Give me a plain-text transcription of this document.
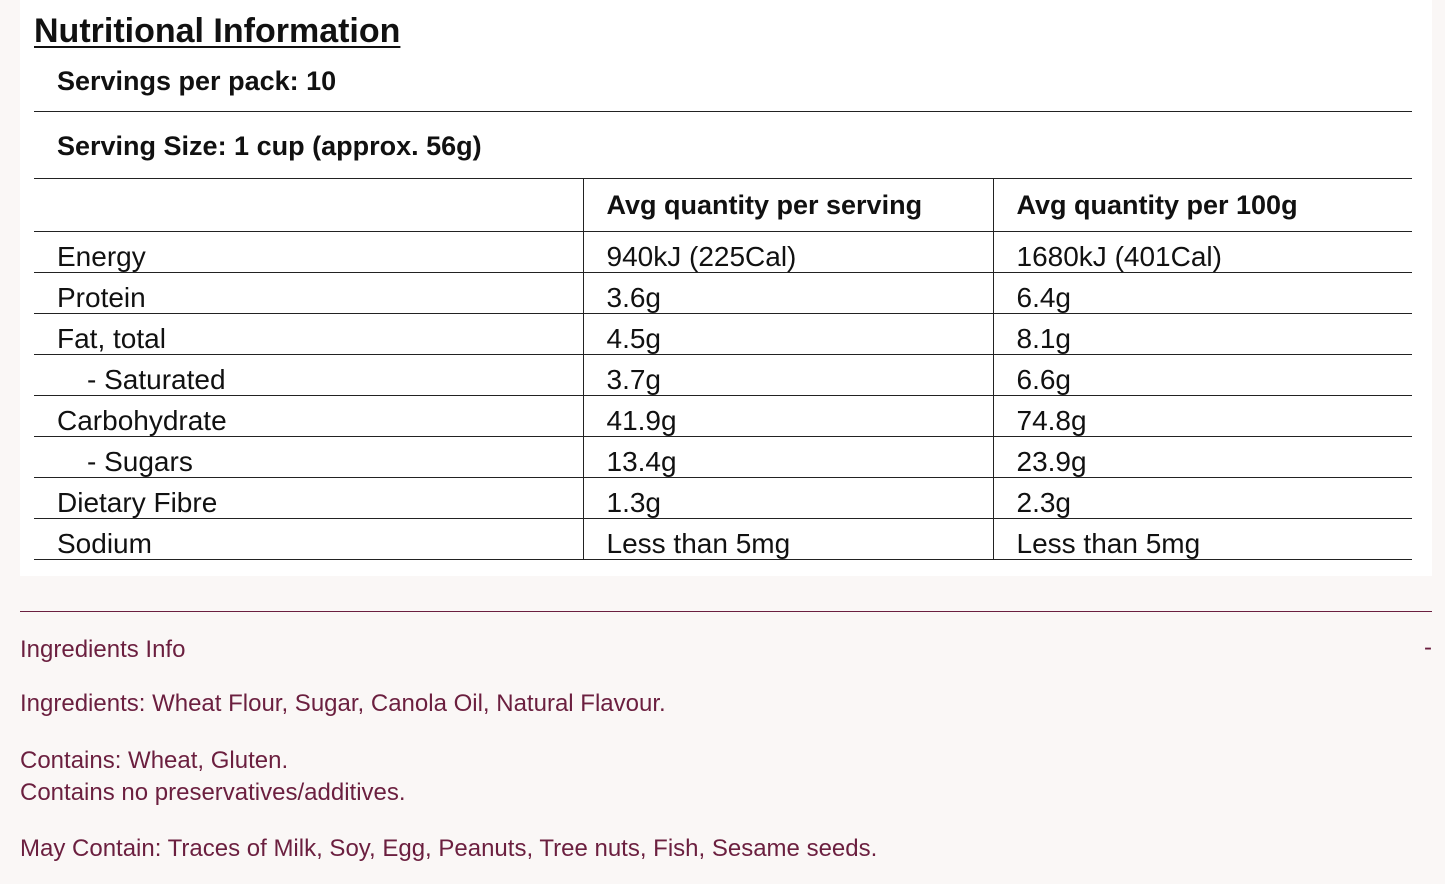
Nutritional Information
Servings per pack: 10
Serving Size: 1 cup (approx. 56g)
	Avg quantity per serving	Avg quantity per 100g
Energy	940kJ (225Cal)	1680kJ (401Cal)
Protein	3.6g	6.4g
Fat, total	4.5g	8.1g
- Saturated	3.7g	6.6g
Carbohydrate	41.9g	74.8g
- Sugars	13.4g	23.9g
Dietary Fibre	1.3g	2.3g
Sodium	Less than 5mg	Less than 5mg
Ingredients Info	-

Ingredients: Wheat Flour, Sugar, Canola Oil, Natural Flavour.

Contains: Wheat, Gluten.

Contains no preservatives/additives.

May Contain: Traces of Milk, Soy, Egg, Peanuts, Tree nuts, Fish, Sesame seeds.
